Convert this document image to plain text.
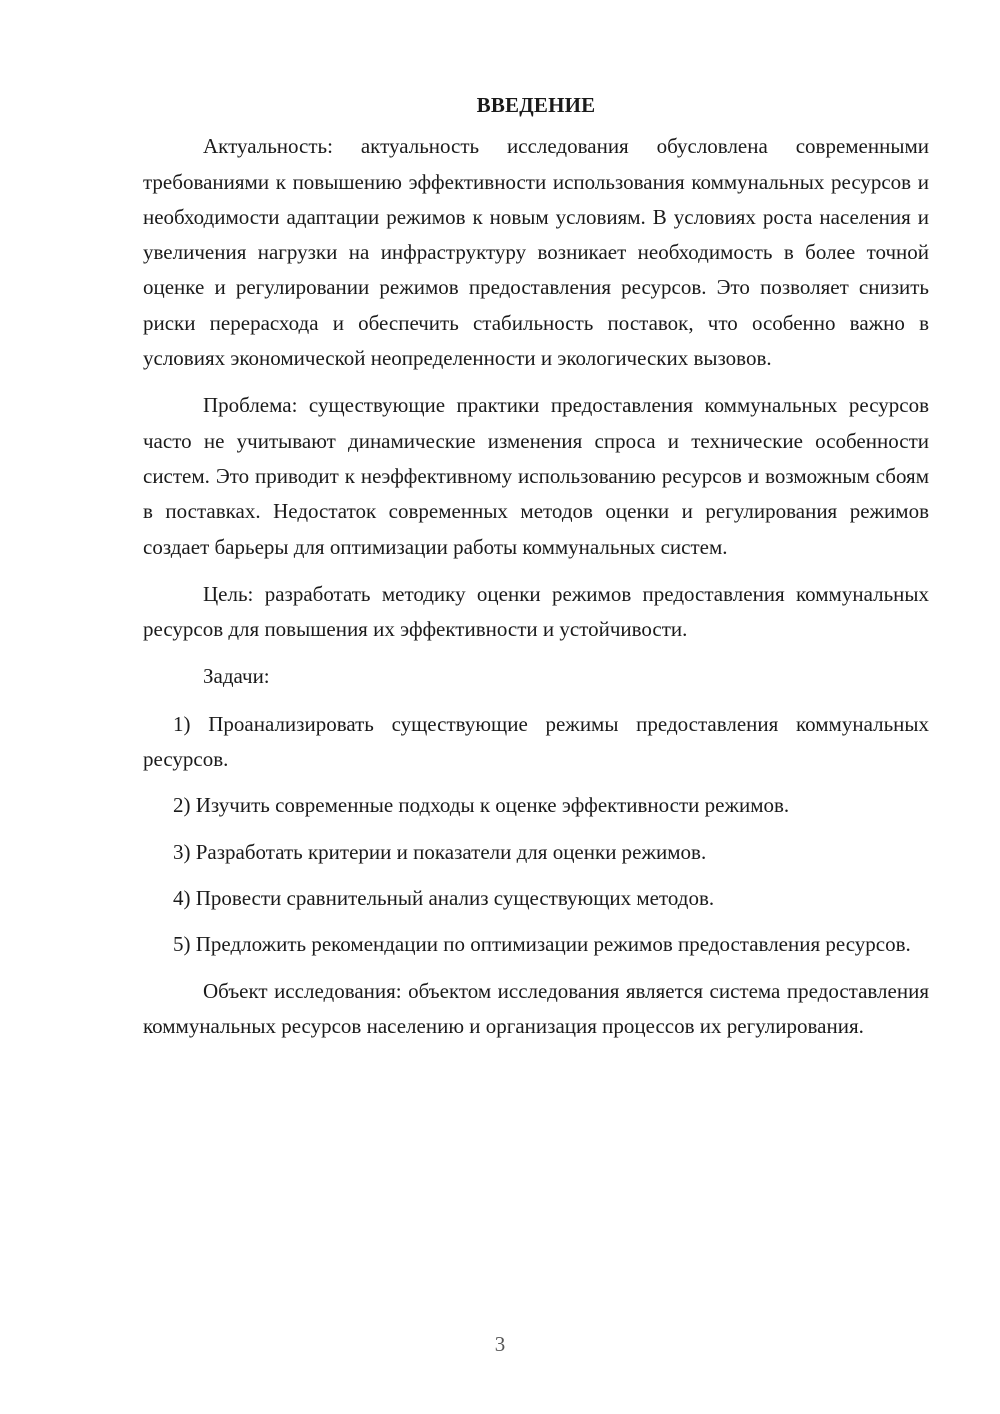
ВВЕДЕНИЕ

Актуальность: актуальность исследования обусловлена современными требованиями к повышению эффективности использования коммунальных ресурсов и необходимости адаптации режимов к новым условиям. В условиях роста населения и увеличения нагрузки на инфраструктуру возникает необходимость в более точной оценке и регулировании режимов предоставления ресурсов. Это позволяет снизить риски перерасхода и обеспечить стабильность поставок, что особенно важно в условиях экономической неопределенности и экологических вызовов.

Проблема: существующие практики предоставления коммунальных ресурсов часто не учитывают динамические изменения спроса и технические особенности систем. Это приводит к неэффективному использованию ресурсов и возможным сбоям в поставках. Недостаток современных методов оценки и регулирования режимов создает барьеры для оптимизации работы коммунальных систем.

Цель: разработать методику оценки режимов предоставления коммунальных ресурсов для повышения их эффективности и устойчивости.

Задачи:

1) Проанализировать существующие режимы предоставления коммунальных ресурсов.

2) Изучить современные подходы к оценке эффективности режимов.

3) Разработать критерии и показатели для оценки режимов.

4) Провести сравнительный анализ существующих методов.

5) Предложить рекомендации по оптимизации режимов предоставления ресурсов.

Объект исследования: объектом исследования является система предоставления коммунальных ресурсов населению и организация процессов их регулирования.

3
